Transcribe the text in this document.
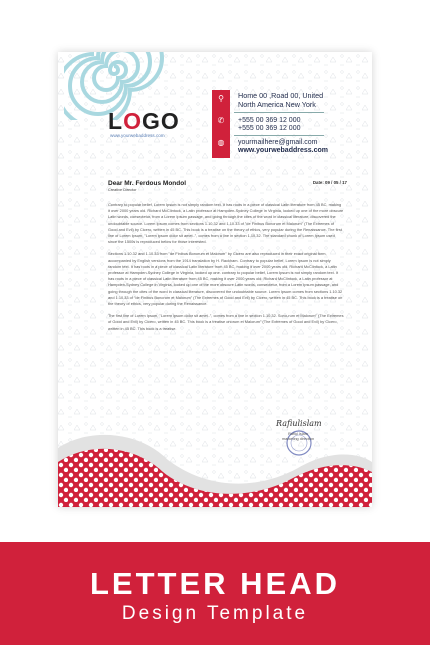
LOGO
www.yourwebaddress.com
⚲
✆
◍
Home 00 ,Road 00, United
North America New York
+555 00 369 12 000
+555 00 369 12 000
yourmailhere@gmail.com
www.yourwebaddress.com
Dear Mr. Ferdous Mondol
Creative Director
Date: 09 / 05 / 17

Contrary to popular belief, Lorem Ipsum is not simply random text. It has roots in a piece of classical Latin literature from 45 BC, making it over 2000 years old. Richard McClintock, a Latin professor at Hampden-Sydney College in Virginia, looked up one of the more obscure Latin words, consectetur, from a Lorem Ipsum passage, and going through the cites of the word in classical literature, discovered the undoubtable source. Lorem Ipsum comes from sections 1.10.32 and 1.10.33 of "de Finibus Bonorum et Malorum" (The Extremes of Good and Evil) by Cicero, written in 45 BC. This book is a treatise on the theory of ethics, very popular during the Renaissance. The first line of Lorem Ipsum, "Lorem ipsum dolor sit amet..", comes from a line in section 1.10.32. The standard chunk of Lorem Ipsum used since the 1500s is reproduced below for those interested.

Sections 1.10.32 and 1.10.33 from "de Finibus Bonorum et Malorum" by Cicero are also reproduced in their exact original form, accompanied by English versions from the 1914 translation by H. Rackham. Contrary to popular belief, Lorem Ipsum is not simply random text. It has roots in a piece of classical Latin literature from 45 BC, making it over 2000 years old. Richard McClintock, a Latin professor at Hampden-Sydney College in Virginia, looked up one. contrary to popular belief, Lorem Ipsum is not simply random text. It has roots in a piece of classical Latin literature from 45 BC, making it over 2000 years old. Richard McClintock, a Latin professor at Hampden-Sydney College in Virginia, looked up one of the more obscure Latin words, consectetur, from a Lorem Ipsum passage, and going through the cites of the word in classical literature, discovered the undoubtable source. Lorem Ipsum comes from sections 1.10.32 and 1.10.33 of "de Finibus Bonorum et Malorum" (The Extremes of Good and Evil) by Cicero, written in 45 BC. This book is a treatise on the theory of ethics, very popular during the Renaissance.

The first line of Lorem Ipsum, "Lorem ipsum dolor sit amet..", comes from a line in section 1.10.32. Sono-rum et Malorum" (The Extremes of Good and Evil) by Cicero, written in 45 BC. This book is a treatise onorum et Malorum" (The Extremes of Good and Evil) by Cicero, written in 45 BC. This book is a treatise.

Rafiulislam
Rafiul Islam
marketing direction
LETTER HEAD
Design Template
